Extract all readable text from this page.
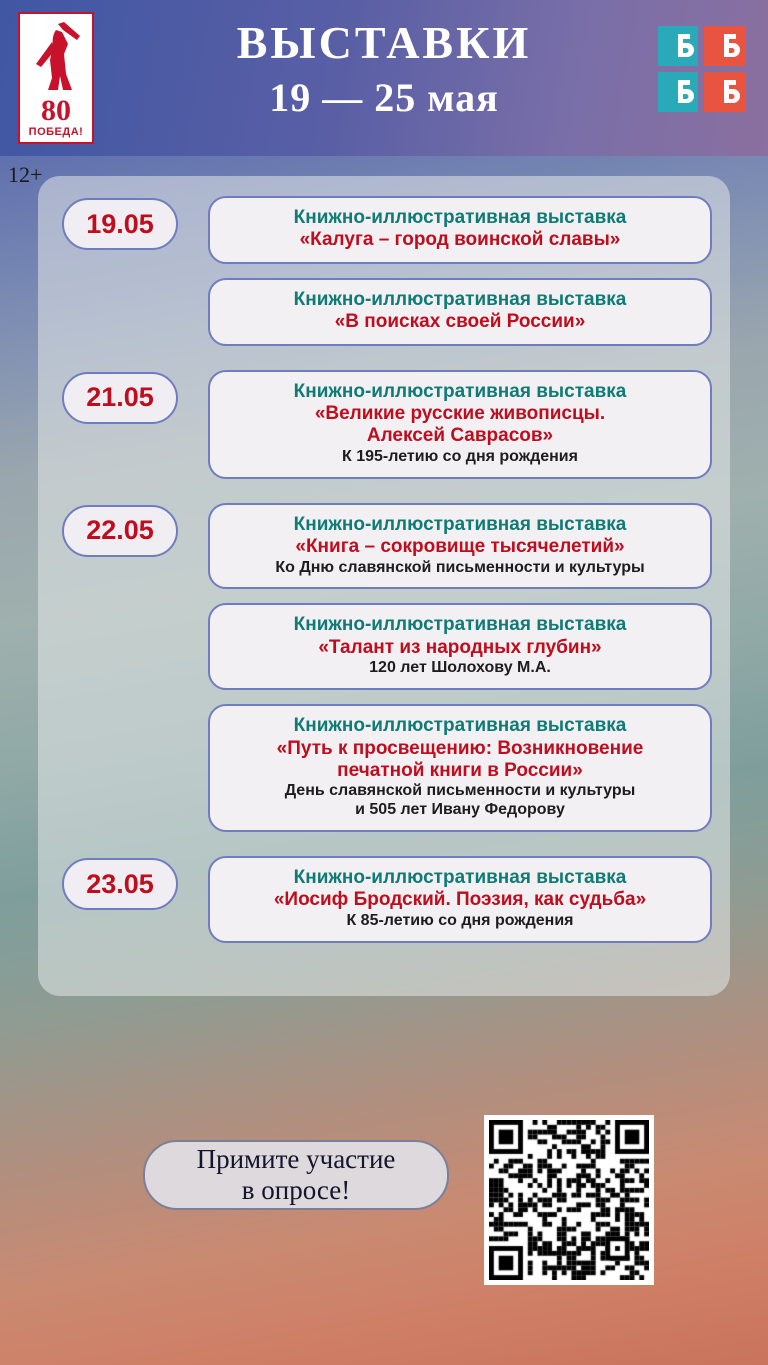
80
ПОБЕДА!
ВЫСТАВКИ
19 — 25 мая
12+
Книжно-иллюстративная выставка
«Калуга – город воинской славы»
19.05
Книжно-иллюстративная выставка
«В поисках своей России»
Книжно-иллюстративная выставка
«Великие русские живописцы.
Алексей Саврасов»
К 195-летию со дня рождения
21.05
Книжно-иллюстративная выставка
«Книга – сокровище тысячелетий»
Ко Дню славянской письменности и культуры
22.05
Книжно-иллюстративная выставка
«Талант из народных глубин»
120 лет Шолохову М.А.
Книжно-иллюстративная выставка
«Путь к просвещению: Возникновение
печатной книги в России»
День славянской письменности и культуры
и 505 лет Ивану Федорову
Книжно-иллюстративная выставка
«Иосиф Бродский. Поэзия, как судьба»
К 85-летию со дня рождения
23.05
Примите участие
в опросе!
